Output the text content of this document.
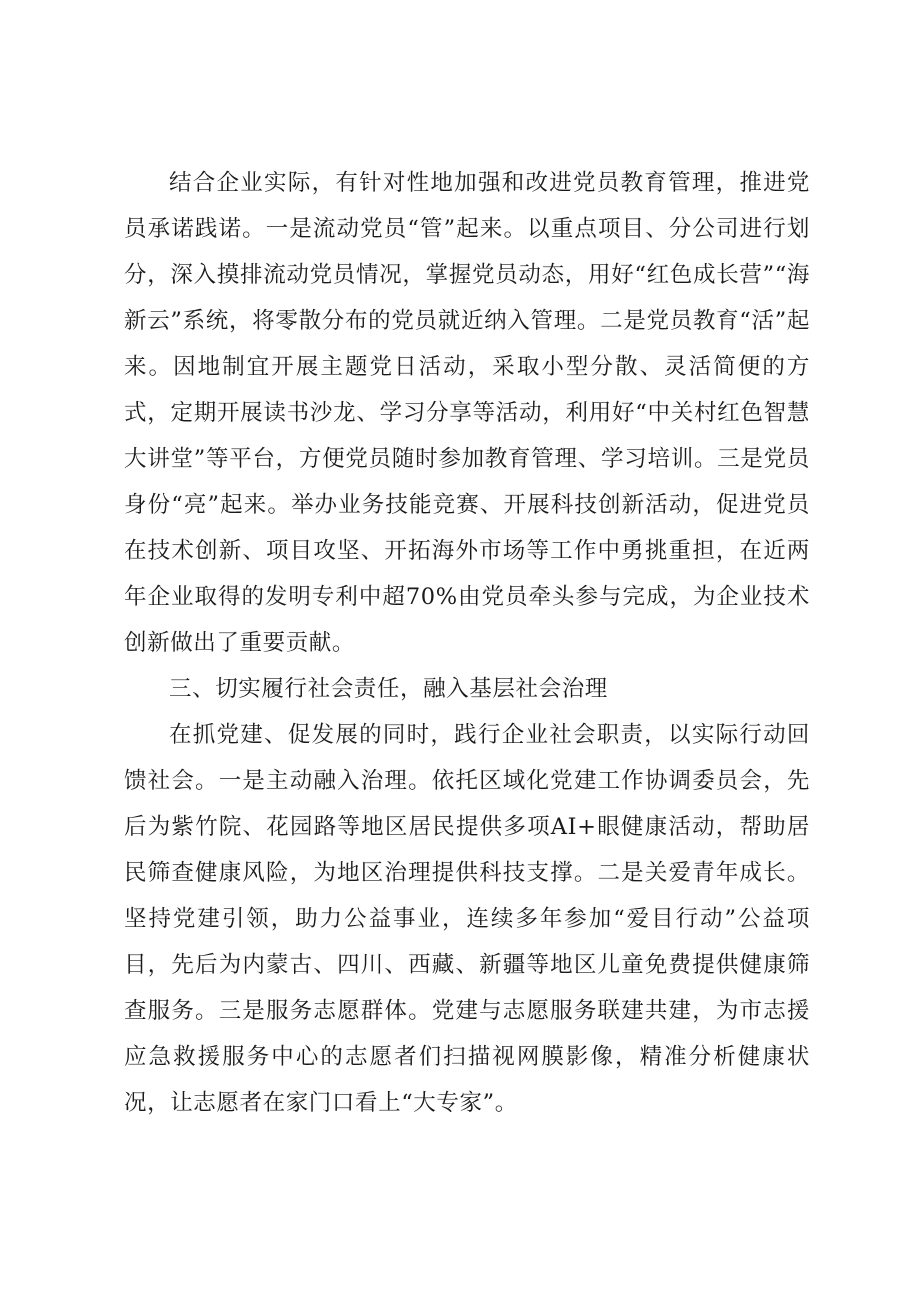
结合企业实际，有针对性地加强和改进党员教育管理，推进党员承诺践诺。一是流动党员“管”起来。以重点项目、分公司进行划分，深入摸排流动党员情况，掌握党员动态，用好“红色成长营”“海新云”系统，将零散分布的党员就近纳入管理。二是党员教育“活”起来。因地制宜开展主题党日活动，采取小型分散、灵活简便的方式，定期开展读书沙龙、学习分享等活动，利用好“中关村红色智慧大讲堂”等平台，方便党员随时参加教育管理、学习培训。三是党员身份“亮”起来。举办业务技能竞赛、开展科技创新活动，促进党员在技术创新、项目攻坚、开拓海外市场等工作中勇挑重担，在近两年企业取得的发明专利中超70%由党员牵头参与完成，为企业技术创新做出了重要贡献。

三、切实履行社会责任，融入基层社会治理

在抓党建、促发展的同时，践行企业社会职责，以实际行动回馈社会。一是主动融入治理。依托区域化党建工作协调委员会，先后为紫竹院、花园路等地区居民提供多项AI+眼健康活动，帮助居民筛查健康风险，为地区治理提供科技支撑。二是关爱青年成长。坚持党建引领，助力公益事业，连续多年参加“爱目行动”公益项目，先后为内蒙古、四川、西藏、新疆等地区儿童免费提供健康筛查服务。三是服务志愿群体。党建与志愿服务联建共建，为市志援应急救援服务中心的志愿者们扫描视网膜影像，精准分析健康状况，让志愿者在家门口看上“大专家”。
